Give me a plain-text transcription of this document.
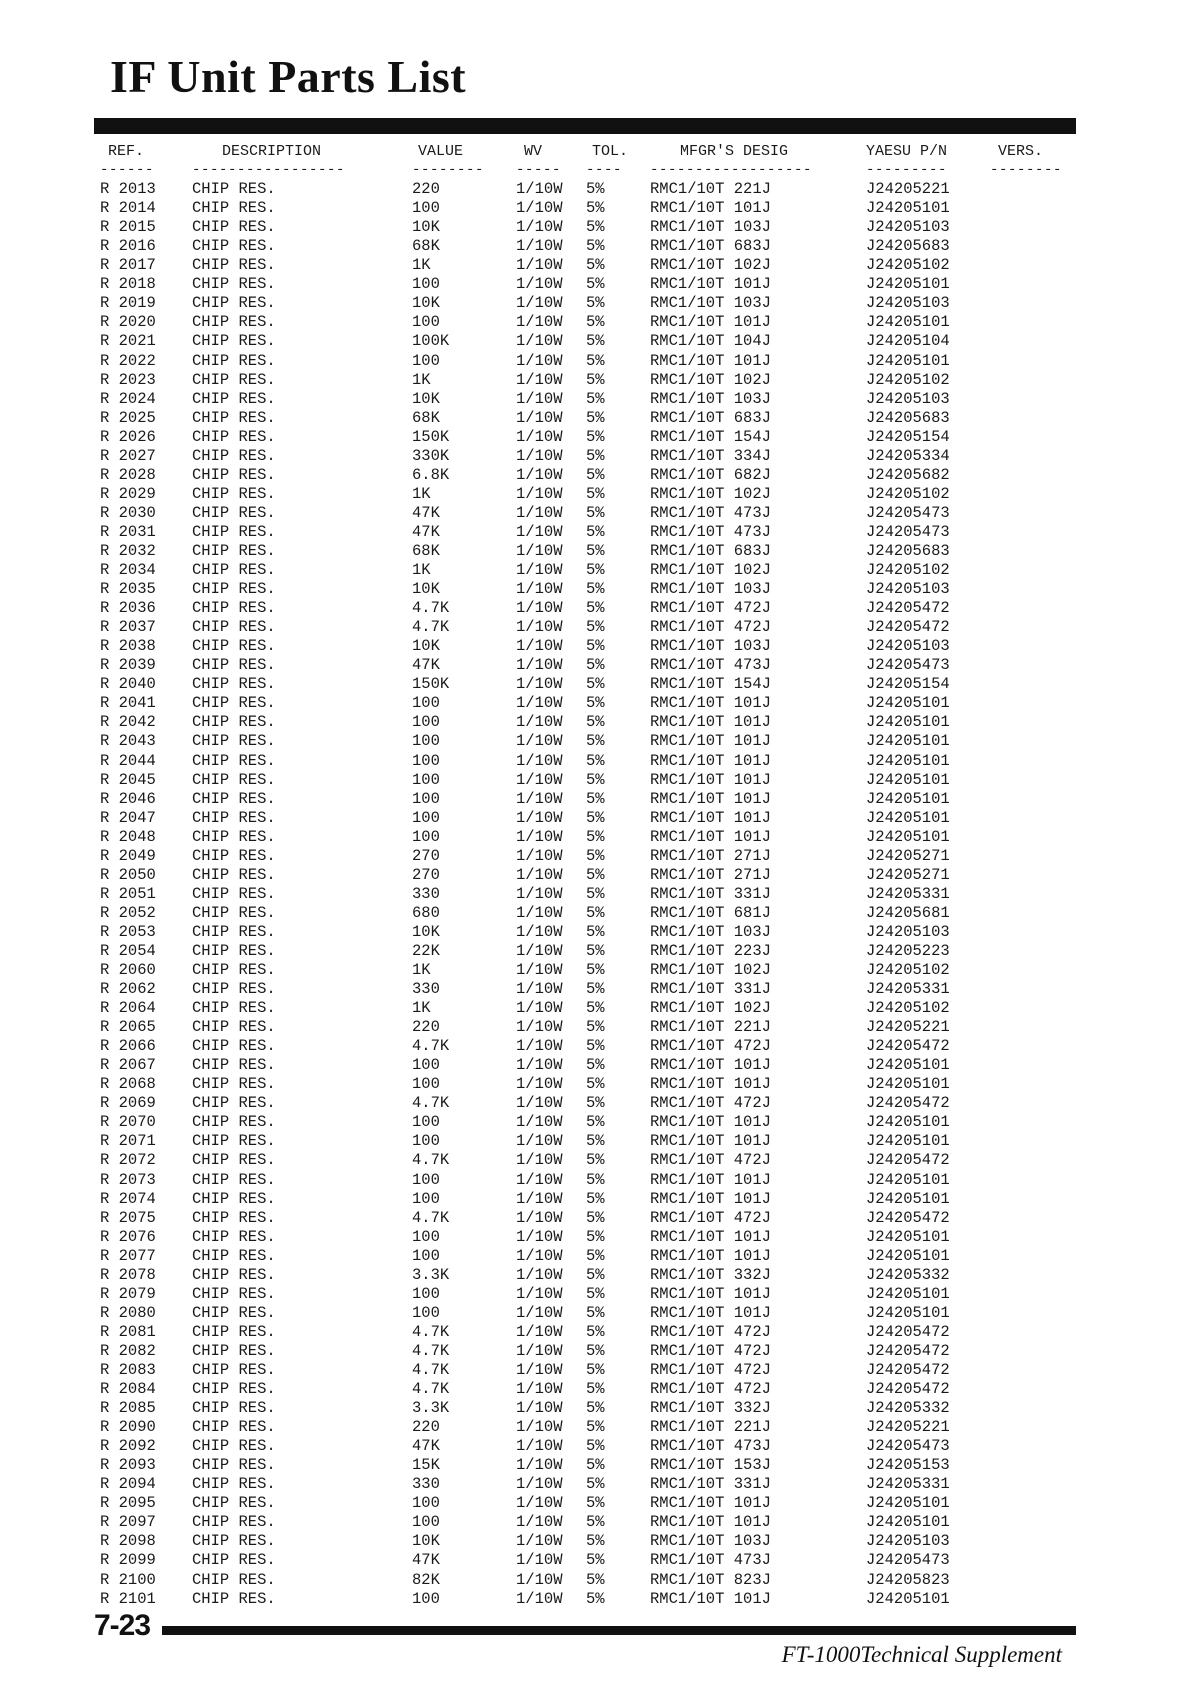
IF Unit Parts List
REF.	DESCRIPTION	VALUE	WV	TOL.	MFGR'S DESIG	YAESU P/N	VERS.
------	-----------------	--------	-----	----	------------------	---------	--------
R 2013	CHIP RES.	220	1/10W	5%	RMC1/10T 221J	J24205221	
R 2014	CHIP RES.	100	1/10W	5%	RMC1/10T 101J	J24205101	
R 2015	CHIP RES.	10K	1/10W	5%	RMC1/10T 103J	J24205103	
R 2016	CHIP RES.	68K	1/10W	5%	RMC1/10T 683J	J24205683	
R 2017	CHIP RES.	1K	1/10W	5%	RMC1/10T 102J	J24205102	
R 2018	CHIP RES.	100	1/10W	5%	RMC1/10T 101J	J24205101	
R 2019	CHIP RES.	10K	1/10W	5%	RMC1/10T 103J	J24205103	
R 2020	CHIP RES.	100	1/10W	5%	RMC1/10T 101J	J24205101	
R 2021	CHIP RES.	100K	1/10W	5%	RMC1/10T 104J	J24205104	
R 2022	CHIP RES.	100	1/10W	5%	RMC1/10T 101J	J24205101	
R 2023	CHIP RES.	1K	1/10W	5%	RMC1/10T 102J	J24205102	
R 2024	CHIP RES.	10K	1/10W	5%	RMC1/10T 103J	J24205103	
R 2025	CHIP RES.	68K	1/10W	5%	RMC1/10T 683J	J24205683	
R 2026	CHIP RES.	150K	1/10W	5%	RMC1/10T 154J	J24205154	
R 2027	CHIP RES.	330K	1/10W	5%	RMC1/10T 334J	J24205334	
R 2028	CHIP RES.	6.8K	1/10W	5%	RMC1/10T 682J	J24205682	
R 2029	CHIP RES.	1K	1/10W	5%	RMC1/10T 102J	J24205102	
R 2030	CHIP RES.	47K	1/10W	5%	RMC1/10T 473J	J24205473	
R 2031	CHIP RES.	47K	1/10W	5%	RMC1/10T 473J	J24205473	
R 2032	CHIP RES.	68K	1/10W	5%	RMC1/10T 683J	J24205683	
R 2034	CHIP RES.	1K	1/10W	5%	RMC1/10T 102J	J24205102	
R 2035	CHIP RES.	10K	1/10W	5%	RMC1/10T 103J	J24205103	
R 2036	CHIP RES.	4.7K	1/10W	5%	RMC1/10T 472J	J24205472	
R 2037	CHIP RES.	4.7K	1/10W	5%	RMC1/10T 472J	J24205472	
R 2038	CHIP RES.	10K	1/10W	5%	RMC1/10T 103J	J24205103	
R 2039	CHIP RES.	47K	1/10W	5%	RMC1/10T 473J	J24205473	
R 2040	CHIP RES.	150K	1/10W	5%	RMC1/10T 154J	J24205154	
R 2041	CHIP RES.	100	1/10W	5%	RMC1/10T 101J	J24205101	
R 2042	CHIP RES.	100	1/10W	5%	RMC1/10T 101J	J24205101	
R 2043	CHIP RES.	100	1/10W	5%	RMC1/10T 101J	J24205101	
R 2044	CHIP RES.	100	1/10W	5%	RMC1/10T 101J	J24205101	
R 2045	CHIP RES.	100	1/10W	5%	RMC1/10T 101J	J24205101	
R 2046	CHIP RES.	100	1/10W	5%	RMC1/10T 101J	J24205101	
R 2047	CHIP RES.	100	1/10W	5%	RMC1/10T 101J	J24205101	
R 2048	CHIP RES.	100	1/10W	5%	RMC1/10T 101J	J24205101	
R 2049	CHIP RES.	270	1/10W	5%	RMC1/10T 271J	J24205271	
R 2050	CHIP RES.	270	1/10W	5%	RMC1/10T 271J	J24205271	
R 2051	CHIP RES.	330	1/10W	5%	RMC1/10T 331J	J24205331	
R 2052	CHIP RES.	680	1/10W	5%	RMC1/10T 681J	J24205681	
R 2053	CHIP RES.	10K	1/10W	5%	RMC1/10T 103J	J24205103	
R 2054	CHIP RES.	22K	1/10W	5%	RMC1/10T 223J	J24205223	
R 2060	CHIP RES.	1K	1/10W	5%	RMC1/10T 102J	J24205102	
R 2062	CHIP RES.	330	1/10W	5%	RMC1/10T 331J	J24205331	
R 2064	CHIP RES.	1K	1/10W	5%	RMC1/10T 102J	J24205102	
R 2065	CHIP RES.	220	1/10W	5%	RMC1/10T 221J	J24205221	
R 2066	CHIP RES.	4.7K	1/10W	5%	RMC1/10T 472J	J24205472	
R 2067	CHIP RES.	100	1/10W	5%	RMC1/10T 101J	J24205101	
R 2068	CHIP RES.	100	1/10W	5%	RMC1/10T 101J	J24205101	
R 2069	CHIP RES.	4.7K	1/10W	5%	RMC1/10T 472J	J24205472	
R 2070	CHIP RES.	100	1/10W	5%	RMC1/10T 101J	J24205101	
R 2071	CHIP RES.	100	1/10W	5%	RMC1/10T 101J	J24205101	
R 2072	CHIP RES.	4.7K	1/10W	5%	RMC1/10T 472J	J24205472	
R 2073	CHIP RES.	100	1/10W	5%	RMC1/10T 101J	J24205101	
R 2074	CHIP RES.	100	1/10W	5%	RMC1/10T 101J	J24205101	
R 2075	CHIP RES.	4.7K	1/10W	5%	RMC1/10T 472J	J24205472	
R 2076	CHIP RES.	100	1/10W	5%	RMC1/10T 101J	J24205101	
R 2077	CHIP RES.	100	1/10W	5%	RMC1/10T 101J	J24205101	
R 2078	CHIP RES.	3.3K	1/10W	5%	RMC1/10T 332J	J24205332	
R 2079	CHIP RES.	100	1/10W	5%	RMC1/10T 101J	J24205101	
R 2080	CHIP RES.	100	1/10W	5%	RMC1/10T 101J	J24205101	
R 2081	CHIP RES.	4.7K	1/10W	5%	RMC1/10T 472J	J24205472	
R 2082	CHIP RES.	4.7K	1/10W	5%	RMC1/10T 472J	J24205472	
R 2083	CHIP RES.	4.7K	1/10W	5%	RMC1/10T 472J	J24205472	
R 2084	CHIP RES.	4.7K	1/10W	5%	RMC1/10T 472J	J24205472	
R 2085	CHIP RES.	3.3K	1/10W	5%	RMC1/10T 332J	J24205332	
R 2090	CHIP RES.	220	1/10W	5%	RMC1/10T 221J	J24205221	
R 2092	CHIP RES.	47K	1/10W	5%	RMC1/10T 473J	J24205473	
R 2093	CHIP RES.	15K	1/10W	5%	RMC1/10T 153J	J24205153	
R 2094	CHIP RES.	330	1/10W	5%	RMC1/10T 331J	J24205331	
R 2095	CHIP RES.	100	1/10W	5%	RMC1/10T 101J	J24205101	
R 2097	CHIP RES.	100	1/10W	5%	RMC1/10T 101J	J24205101	
R 2098	CHIP RES.	10K	1/10W	5%	RMC1/10T 103J	J24205103	
R 2099	CHIP RES.	47K	1/10W	5%	RMC1/10T 473J	J24205473	
R 2100	CHIP RES.	82K	1/10W	5%	RMC1/10T 823J	J24205823	
R 2101	CHIP RES.	100	1/10W	5%	RMC1/10T 101J	J24205101	
7-23
FT-1000Technical Supplement
